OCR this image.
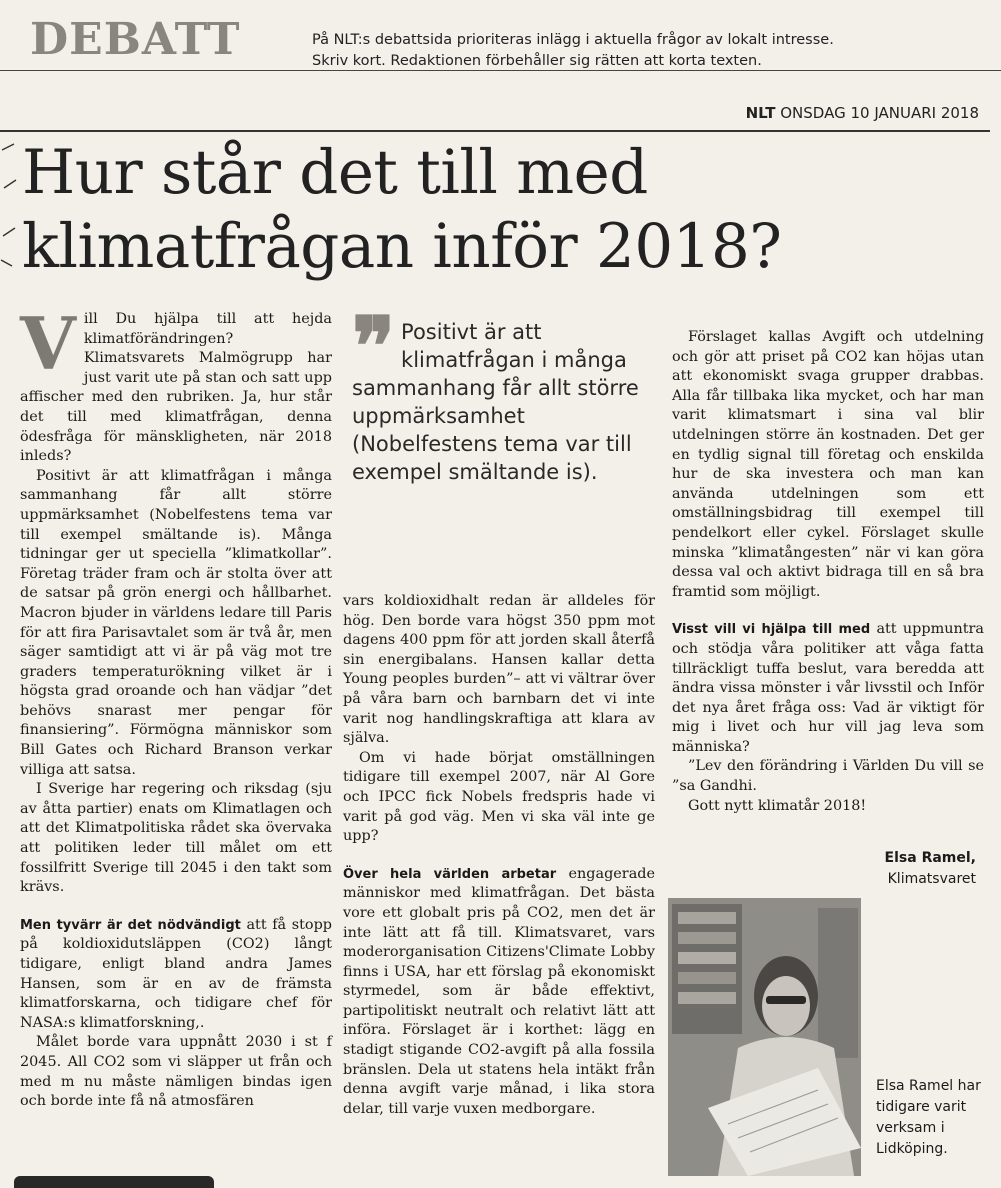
DEBATT	På NLT:s debattsida prioriteras inlägg i aktuella frågor av lokalt intresse.
Skriv kort. Redaktionen förbehåller sig rätten att korta texten.
NLT ONSDAG 10 JANUARI 2018
Hur står det till med
klimatfrågan inför 2018?

Vill Du hjälpa till att hejda klimatförändringen? Klimatsvarets Malmögrupp har just varit ute på stan och satt upp affischer med den rubriken. Ja, hur står det till med klimatfrågan, denna ödesfråga för mänskligheten, när 2018 inleds?

Positivt är att klimatfrågan i många sammanhang får allt större uppmärksamhet (Nobelfestens tema var till exempel smältande is). Många tidningar ger ut speciella ”klimatkollar”. Företag träder fram och är stolta över att de satsar på grön energi och hållbarhet. Macron bjuder in världens ledare till Paris för att fira Parisavtalet som är två år, men säger samtidigt att vi är på väg mot tre graders temperaturökning vilket är i högsta grad oroande och han vädjar ”det behövs snarast mer pengar för finansiering”. Förmögna människor som Bill Gates och Richard Branson verkar villiga att satsa.

I Sverige har regering och riksdag (sju av åtta partier) enats om Klimatlagen och att det Klimatpolitiska rådet ska övervaka att politiken leder till målet om ett fossilfritt Sverige till 2045 i den takt som krävs.

Men tyvärr är det nödvändigt att få stopp på koldioxidutsläppen (CO2) långt tidigare, enligt bland andra James Hansen, som är en av de främsta klimatforskarna, och tidigare chef för NASA:s klimatforskning,.

Målet borde vara uppnått 2030 i st f 2045. All CO2 som vi släpper ut från och med m nu måste nämligen bindas igen och borde inte få nå atmosfären

❞ Positivt är att klimatfrågan i många sammanhang får allt större uppmärksamhet (Nobelfestens tema var till exempel smältande is).

vars koldioxidhalt redan är alldeles för hög. Den borde vara högst 350 ppm mot dagens 400 ppm för att jorden skall återfå sin energibalans. Hansen kallar detta Young peoples burden”– att vi vältrar över på våra barn och barnbarn det vi inte varit nog handlingskraftiga att klara av själva.

Om vi hade börjat omställningen tidigare till exempel 2007, när Al Gore och IPCC fick Nobels fredspris hade vi varit på god väg. Men vi ska väl inte ge upp?

Över hela världen arbetar engagerade människor med klimatfrågan. Det bästa vore ett globalt pris på CO2, men det är inte lätt att få till. Klimatsvaret, vars moderorganisation Citizens'Climate Lobby finns i USA, har ett förslag på ekonomiskt styrmedel, som är både effektivt, partipolitiskt neutralt och relativt lätt att införa. Förslaget är i korthet: lägg en stadigt stigande CO2-avgift på alla fossila bränslen. Dela ut statens hela intäkt från denna avgift varje månad, i lika stora delar, till varje vuxen medborgare.

Förslaget kallas Avgift och utdelning och gör att priset på CO2 kan höjas utan att ekonomiskt svaga grupper drabbas. Alla får tillbaka lika mycket, och har man varit klimatsmart i sina val blir utdelningen större än kostnaden. Det ger en tydlig signal till företag och enskilda hur de ska investera och man kan använda utdelningen som ett omställningsbidrag till exempel till pendelkort eller cykel. Förslaget skulle minska ”klimatångesten” när vi kan göra dessa val och aktivt bidraga till en så bra framtid som möjligt.

Visst vill vi hjälpa till med att uppmuntra och stödja våra politiker att våga fatta tillräckligt tuffa beslut, vara beredda att ändra vissa mönster i vår livsstil och Inför det nya året fråga oss: Vad är viktigt för mig i livet och hur vill jag leva som människa?

”Lev den förändring i Världen Du vill se ”sa Gandhi.

Gott nytt klimatår 2018!

Elsa Ramel,
Klimatsvaret
Elsa Ramel har tidigare varit verksam i Lidköping.
